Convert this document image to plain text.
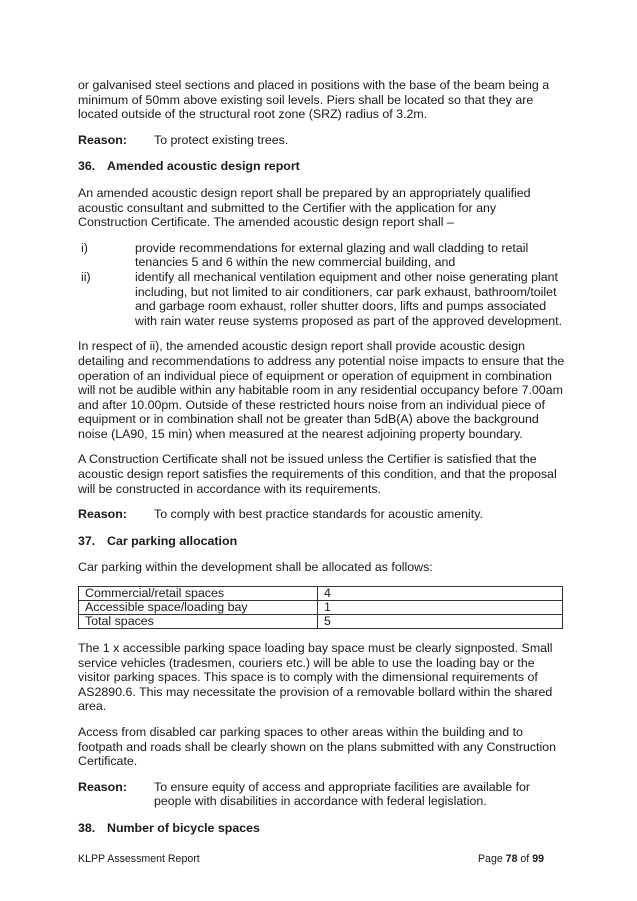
or galvanised steel sections and placed in positions with the base of the beam being a minimum of 50mm above existing soil levels. Piers shall be located so that they are located outside of the structural root zone (SRZ) radius of 3.2m.

Reason:	To protect existing trees.
36. Amended acoustic design report

An amended acoustic design report shall be prepared by an appropriately qualified acoustic consultant and submitted to the Certifier with the application for any Construction Certificate. The amended acoustic design report shall –

i)	provide recommendations for external glazing and wall cladding to retail tenancies 5 and 6 within the new commercial building, and
ii)	identify all mechanical ventilation equipment and other noise generating plant including, but not limited to air conditioners, car park exhaust, bathroom/toilet and garbage room exhaust, roller shutter doors, lifts and pumps associated with rain water reuse systems proposed as part of the approved development.

In respect of ii), the amended acoustic design report shall provide acoustic design detailing and recommendations to address any potential noise impacts to ensure that the operation of an individual piece of equipment or operation of equipment in combination will not be audible within any habitable room in any residential occupancy before 7.00am and after 10.00pm. Outside of these restricted hours noise from an individual piece of equipment or in combination shall not be greater than 5dB(A) above the background noise (LA90, 15 min) when measured at the nearest adjoining property boundary.

A Construction Certificate shall not be issued unless the Certifier is satisfied that the acoustic design report satisfies the requirements of this condition, and that the proposal will be constructed in accordance with its requirements.

Reason:	To comply with best practice standards for acoustic amenity.
37. Car parking allocation

Car parking within the development shall be allocated as follows:

Commercial/retail spaces	4
Accessible space/loading bay	1
Total spaces	5

The 1 x accessible parking space loading bay space must be clearly signposted. Small service vehicles (tradesmen, couriers etc.) will be able to use the loading bay or the visitor parking spaces. This space is to comply with the dimensional requirements of AS2890.6. This may necessitate the provision of a removable bollard within the shared area.

Access from disabled car parking spaces to other areas within the building and to footpath and roads shall be clearly shown on the plans submitted with any Construction Certificate.

Reason:	To ensure equity of access and appropriate facilities are available for people with disabilities in accordance with federal legislation.
38. Number of bicycle spaces
KLPP Assessment Report	Page 78 of 99
